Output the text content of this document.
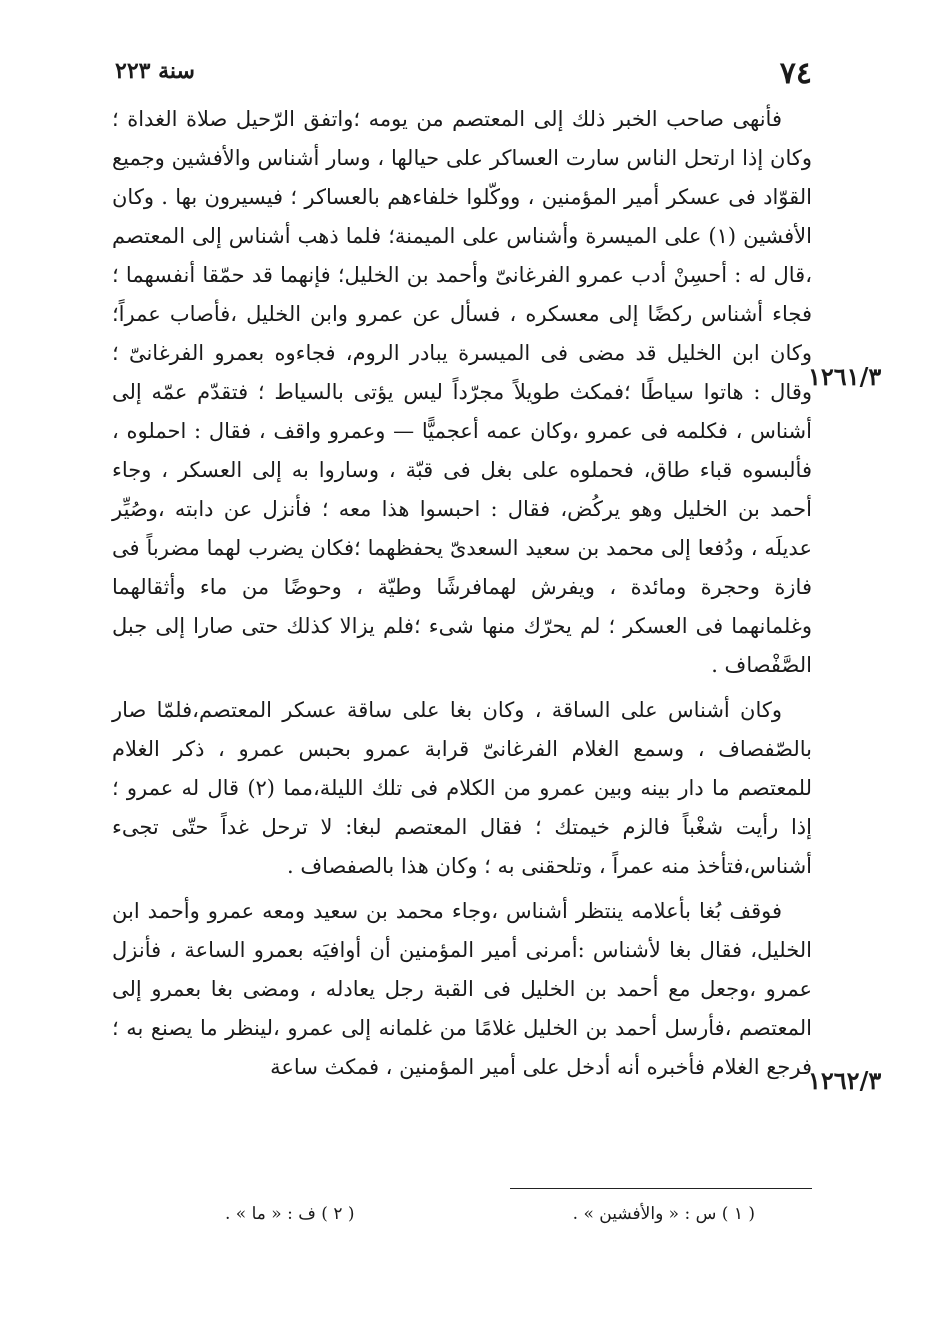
٧٤
سنة ٢٢٣

فأنهى صاحب الخبر ذلك إلى المعتصم من يومه ؛واتفق الرّحيل صلاة الغداة ؛ وكان إذا ارتحل الناس سارت العساكر على حيالها ، وسار أشناس والأفشين وجميع القوّاد فى عسكر أمير المؤمنين ، ووكّلوا خلفاءهم بالعساكر ؛ فيسيرون بها . وكان الأفشين (١) على الميسرة وأشناس على الميمنة؛ فلما ذهب أشناس إلى المعتصم ،قال له : أحسِنْ أدب عمرو الفرغانىّ وأحمد بن الخليل؛ فإنهما قد حمّقا أنفسهما ؛فجاء أشناس ركضًا إلى معسكره ، فسأل عن عمرو وابن الخليل ،فأصاب عمراً؛وكان ابن الخليل قد مضى فى الميسرة يبادر الروم، فجاءوه بعمرو الفرغانىّ ؛ وقال : هاتوا سياطًا ؛فمكث طويلاً مجرّداً ليس يؤتى بالسياط ؛ فتقدّم عمّه إلى أشناس ، فكلمه فى عمرو ،وكان عمه أعجميًّا — وعمرو واقف ، فقال : احملوه ، فألبسوه قباء طاق، فحملوه على بغل فى قبّة ، وساروا به إلى العسكر ، وجاء أحمد بن الخليل وهو يركُض، فقال : احبسوا هذا معه ؛ فأنزل عن دابته ،وصُيِّر عديلَه ، ودُفعا إلى محمد بن سعيد السعدىّ يحفظهما ؛فكان يضرب لهما مضرباً فى فازة وحجرة ومائدة ، ويفرش لهمافرشًا وطيّة ، وحوضًا من ماء وأثقالهما وغلمانهما فى العسكر ؛ لم يحرّك منها شىء ؛فلم يزالا كذلك حتى صارا إلى جبل الصَّفْصاف .

وكان أشناس على الساقة ، وكان بغا على ساقة عسكر المعتصم،فلمّا صار بالصّفصاف ، وسمع الغلام الفرغانىّ قرابة عمرو بحبس عمرو ، ذكر الغلام للمعتصم ما دار بينه وبين عمرو من الكلام فى تلك الليلة،مما (٢) قال له عمرو ؛ إذا رأيت شغْباً فالزم خيمتك ؛ فقال المعتصم لبغا: لا ترحل غداً حتّى تجىء أشناس،فتأخذ منه عمراً ، وتلحقنى به ؛ وكان هذا بالصفصاف .

فوقف بُغا بأعلامه ينتظر أشناس ،وجاء محمد بن سعيد ومعه عمرو وأحمد ابن الخليل، فقال بغا لأشناس :أمرنى أمير المؤمنين أن أوافيَه بعمرو الساعة ، فأنزل عمرو ،وجعل مع أحمد بن الخليل فى القبة رجل يعادله ، ومضى بغا بعمرو إلى المعتصم ،فأرسل أحمد بن الخليل غلامًا من غلمانه إلى عمرو ،لينظر ما يصنع به ؛ فرجع الغلام فأخبره أنه أدخل على أمير المؤمنين ، فمكث ساعة

١٢٦١/٣
١٢٦٢/٣
( ١ ) س : « والأفشين » .
( ٢ ) ف : « ما » .
